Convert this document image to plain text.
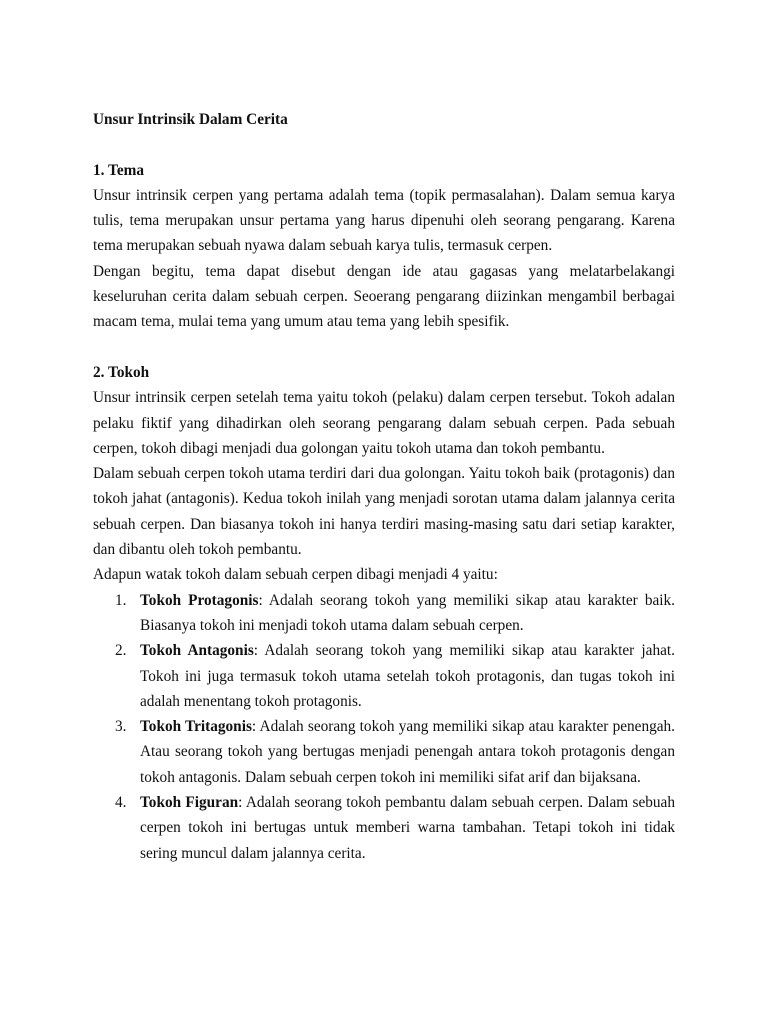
Unsur Intrinsik Dalam Cerita

1. Tema

Unsur intrinsik cerpen yang pertama adalah tema (topik permasalahan). Dalam semua karya tulis, tema merupakan unsur pertama yang harus dipenuhi oleh seorang pengarang. Karena tema merupakan sebuah nyawa dalam sebuah karya tulis, termasuk cerpen.

Dengan begitu, tema dapat disebut dengan ide atau gagasas yang melatarbelakangi keseluruhan cerita dalam sebuah cerpen. Seoerang pengarang diizinkan mengambil berbagai macam tema, mulai tema yang umum atau tema yang lebih spesifik.

2. Tokoh

Unsur intrinsik cerpen setelah tema yaitu tokoh (pelaku) dalam cerpen tersebut. Tokoh adalan pelaku fiktif yang dihadirkan oleh seorang pengarang dalam sebuah cerpen. Pada sebuah cerpen, tokoh dibagi menjadi dua golongan yaitu tokoh utama dan tokoh pembantu.

Dalam sebuah cerpen tokoh utama terdiri dari dua golongan. Yaitu tokoh baik (protagonis) dan tokoh jahat (antagonis). Kedua tokoh inilah yang menjadi sorotan utama dalam jalannya cerita sebuah cerpen. Dan biasanya tokoh ini hanya terdiri masing-masing satu dari setiap karakter, dan dibantu oleh tokoh pembantu.

Adapun watak tokoh dalam sebuah cerpen dibagi menjadi 4 yaitu:

1. Tokoh Protagonis: Adalah seorang tokoh yang memiliki sikap atau karakter baik. Biasanya tokoh ini menjadi tokoh utama dalam sebuah cerpen.
2. Tokoh Antagonis: Adalah seorang tokoh yang memiliki sikap atau karakter jahat. Tokoh ini juga termasuk tokoh utama setelah tokoh protagonis, dan tugas tokoh ini adalah menentang tokoh protagonis.
3. Tokoh Tritagonis: Adalah seorang tokoh yang memiliki sikap atau karakter penengah. Atau seorang tokoh yang bertugas menjadi penengah antara tokoh protagonis dengan tokoh antagonis. Dalam sebuah cerpen tokoh ini memiliki sifat arif dan bijaksana.
4. Tokoh Figuran: Adalah seorang tokoh pembantu dalam sebuah cerpen. Dalam sebuah cerpen tokoh ini bertugas untuk memberi warna tambahan. Tetapi tokoh ini tidak sering muncul dalam jalannya cerita.
